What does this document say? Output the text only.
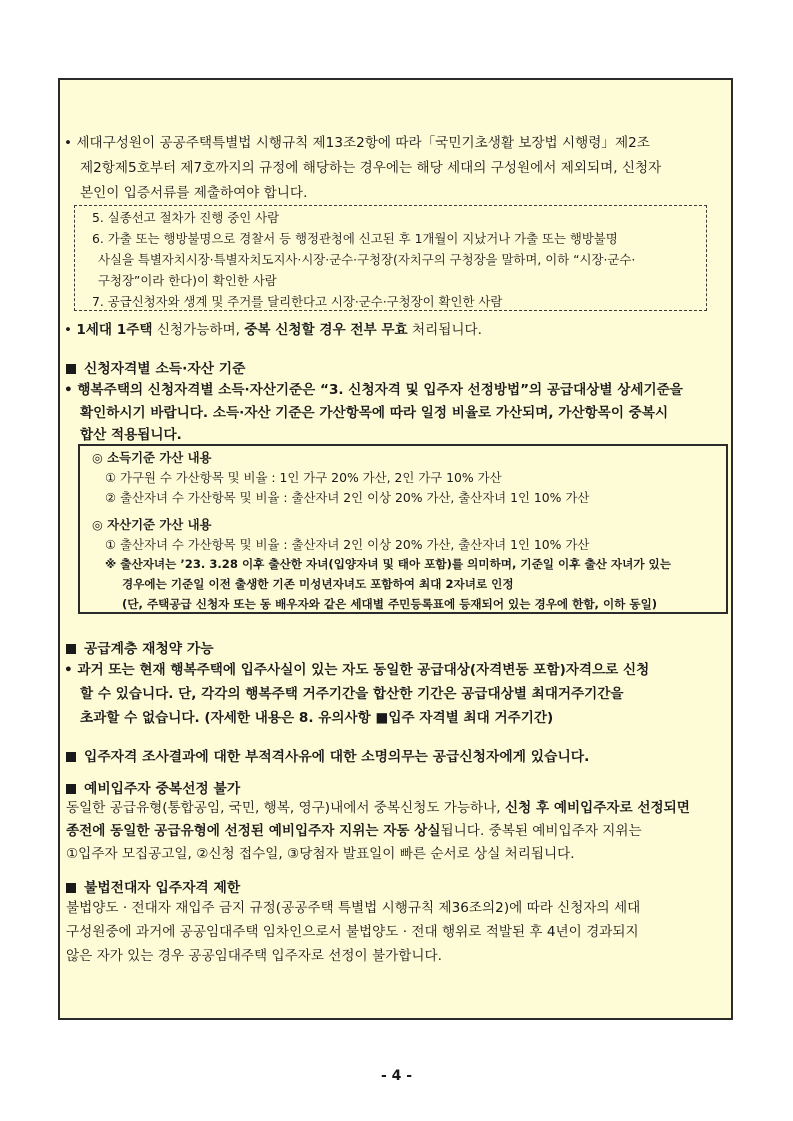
• 세대구성원이 공공주택특별법 시행규칙 제13조2항에 따라「국민기초생활 보장법 시행령」제2조
제2항제5호부터 제7호까지의 규정에 해당하는 경우에는 해당 세대의 구성원에서 제외되며, 신청자
본인이 입증서류를 제출하여야 합니다.
5. 실종선고 절차가 진행 중인 사람
6. 가출 또는 행방불명으로 경찰서 등 행정관청에 신고된 후 1개월이 지났거나 가출 또는 행방불명
사실을 특별자치시장·특별자치도지사·시장·군수·구청장(자치구의 구청장을 말하며, 이하 “시장·군수·
구청장”이라 한다)이 확인한 사람
7. 공급신청자와 생계 및 주거를 달리한다고 시장·군수·구청장이 확인한 사람
• 1세대 1주택 신청가능하며, 중복 신청할 경우 전부 무효 처리됩니다.
신청자격별 소득·자산 기준
• 행복주택의 신청자격별 소득·자산기준은 “3. 신청자격 및 입주자 선정방법”의 공급대상별 상세기준을
확인하시기 바랍니다. 소득·자산 기준은 가산항목에 따라 일정 비율로 가산되며, 가산항목이 중복시
합산 적용됩니다.
◎ 소득기준 가산 내용
① 가구원 수 가산항목 및 비율 : 1인 가구 20% 가산, 2인 가구 10% 가산
② 출산자녀 수 가산항목 및 비율 : 출산자녀 2인 이상 20% 가산, 출산자녀 1인 10% 가산
◎ 자산기준 가산 내용
① 출산자녀 수 가산항목 및 비율 : 출산자녀 2인 이상 20% 가산, 출산자녀 1인 10% 가산
※ 출산자녀는 ’23. 3.28 이후 출산한 자녀(입양자녀 및 태아 포함)를 의미하며, 기준일 이후 출산 자녀가 있는
경우에는 기준일 이전 출생한 기존 미성년자녀도 포함하여 최대 2자녀로 인정
(단, 주택공급 신청자 또는 동 배우자와 같은 세대별 주민등록표에 등재되어 있는 경우에 한함, 이하 동일)
공급계층 재청약 가능
• 과거 또는 현재 행복주택에 입주사실이 있는 자도 동일한 공급대상(자격변동 포함)자격으로 신청
할 수 있습니다. 단, 각각의 행복주택 거주기간을 합산한 기간은 공급대상별 최대거주기간을
초과할 수 없습니다. (자세한 내용은 8. 유의사항 ■입주 자격별 최대 거주기간)
입주자격 조사결과에 대한 부적격사유에 대한 소명의무는 공급신청자에게 있습니다.
예비입주자 중복선정 불가
동일한 공급유형(통합공임, 국민, 행복, 영구)내에서 중복신청도 가능하나, 신청 후 예비입주자로 선정되면
종전에 동일한 공급유형에 선정된 예비입주자 지위는 자동 상실됩니다. 중복된 예비입주자 지위는
①입주자 모집공고일, ②신청 접수일, ③당첨자 발표일이 빠른 순서로 상실 처리됩니다.
불법전대자 입주자격 제한
불법양도 · 전대자 재입주 금지 규정(공공주택 특별법 시행규칙 제36조의2)에 따라 신청자의 세대
구성원중에 과거에 공공임대주택 임차인으로서 불법양도 · 전대 행위로 적발된 후 4년이 경과되지
않은 자가 있는 경우 공공임대주택 입주자로 선정이 불가합니다.
- 4 -
